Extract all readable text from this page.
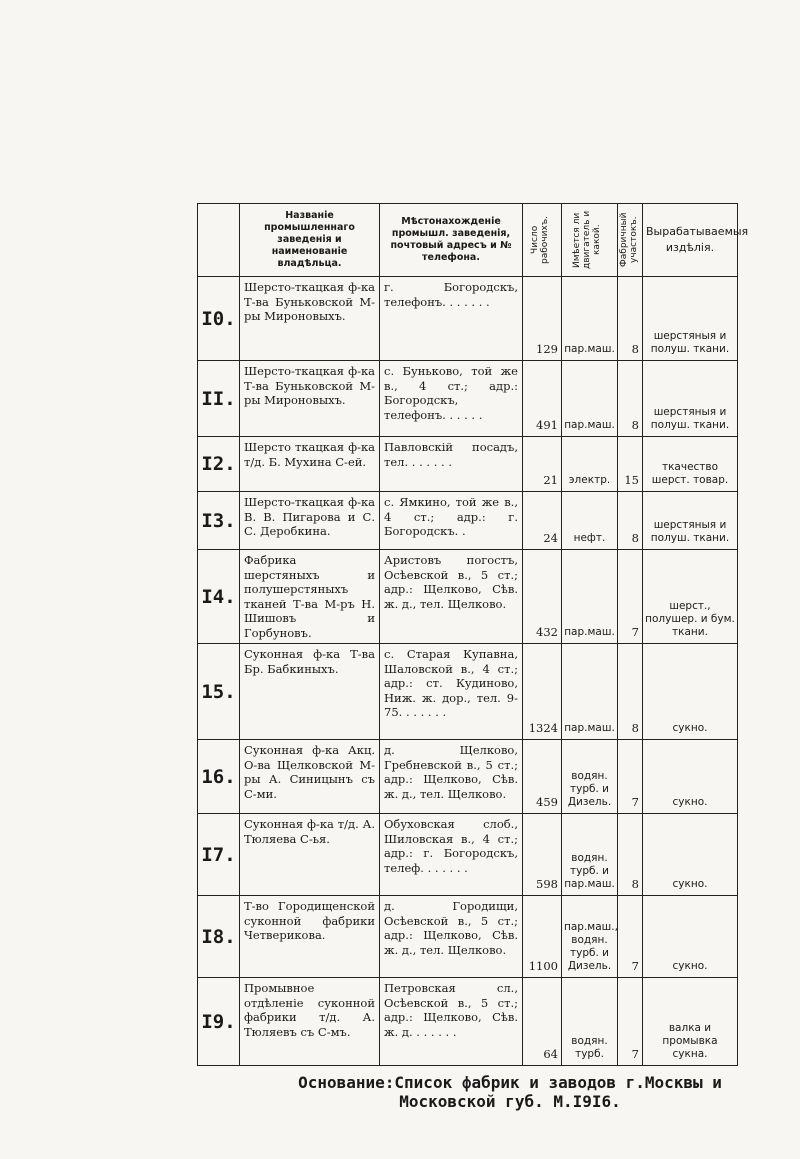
	Названіе промышленнаго заведенія и наименованіе владѣльца.	Мѣстонахожденіе промышл. заведенія, почтовый адресъ и № телефона.	Число рабочихъ.	Имѣется ли двигатель и какой.	Фабричный участокъ.	Вырабатываемыя издѣлія.
I0.	Шерсто-ткацкая ф-ка Т-ва Буньковской М-ры Мироновыхъ.	г. Богородскъ, телефонъ. . . . . . .	129	пар.маш.	8	шерстяныя и полуш. ткани.
II.	Шерсто-ткацкая ф-ка Т-ва Буньковской М-ры Мироновыхъ.	с. Буньково, той же в., 4 ст.; адр.: Богородскъ, телефонъ. . . . . .	491	пар.маш.	8	шерстяныя и полуш. ткани.
I2.	Шерсто ткацкая ф-ка т/д. Б. Мухина С-ей.	Павловскій посадъ, тел. . . . . . .	21	электр.	15	ткачество шерст. товар.
I3.	Шерсто-ткацкая ф-ка В. В. Пигарова и С. С. Деробкина.	с. Ямкино, той же в., 4 ст.; адр.: г. Богородскъ. .	24	нефт.	8	шерстяныя и полуш. ткани.
I4.	Фабрика шерстяныхъ и полушерстяныхъ тканей Т-ва М-ръ Н. Шишовъ и Горбуновъ.	Аристовъ погостъ, Осѣевской в., 5 ст.; адр.: Щелково, Сѣв. ж. д., тел. Щелково.	432	пар.маш.	7	шерст., полушер. и бум. ткани.
15.	Суконная ф-ка Т-ва Бр. Бабкиныхъ.	с. Старая Купавна, Шаловской в., 4 ст.; адр.: ст. Кудиново, Ниж. ж. дор., тел. 9-75. . . . . . .	1324	пар.маш.	8	сукно.
16.	Суконная ф-ка Акц. О-ва Щелковской М-ры А. Синицынъ съ С-ми.	д. Щелково, Гребневской в., 5 ст.; адр.: Щелково, Сѣв. ж. д., тел. Щелково.	459	водян. турб. и Дизель.	7	сукно.
I7.	Суконная ф-ка т/д. А. Тюляева С-ья.	Обуховская слоб., Шиловская в., 4 ст.; адр.: г. Богородскъ, телеф. . . . . . .	598	водян. турб. и пар.маш.	8	сукно.
I8.	Т-во Городищенской суконной фабрики Четверикова.	д. Городищи, Осѣевской в., 5 ст.; адр.: Щелково, Сѣв. ж. д., тел. Щелково.	1100	пар.маш., водян. турб. и Дизель.	7	сукно.
I9.	Промывное отдѣленіе суконной фабрики т/д. А. Тюляевъ съ С-мъ.	Петровская сл., Осѣевской в., 5 ст.; адр.: Щелково, Сѣв. ж. д. . . . . . .	64	водян. турб.	7	валка и промывка сукна.
Основание:Список фабрик и заводов г.Москвы и
Московской губ. М.I9I6.
